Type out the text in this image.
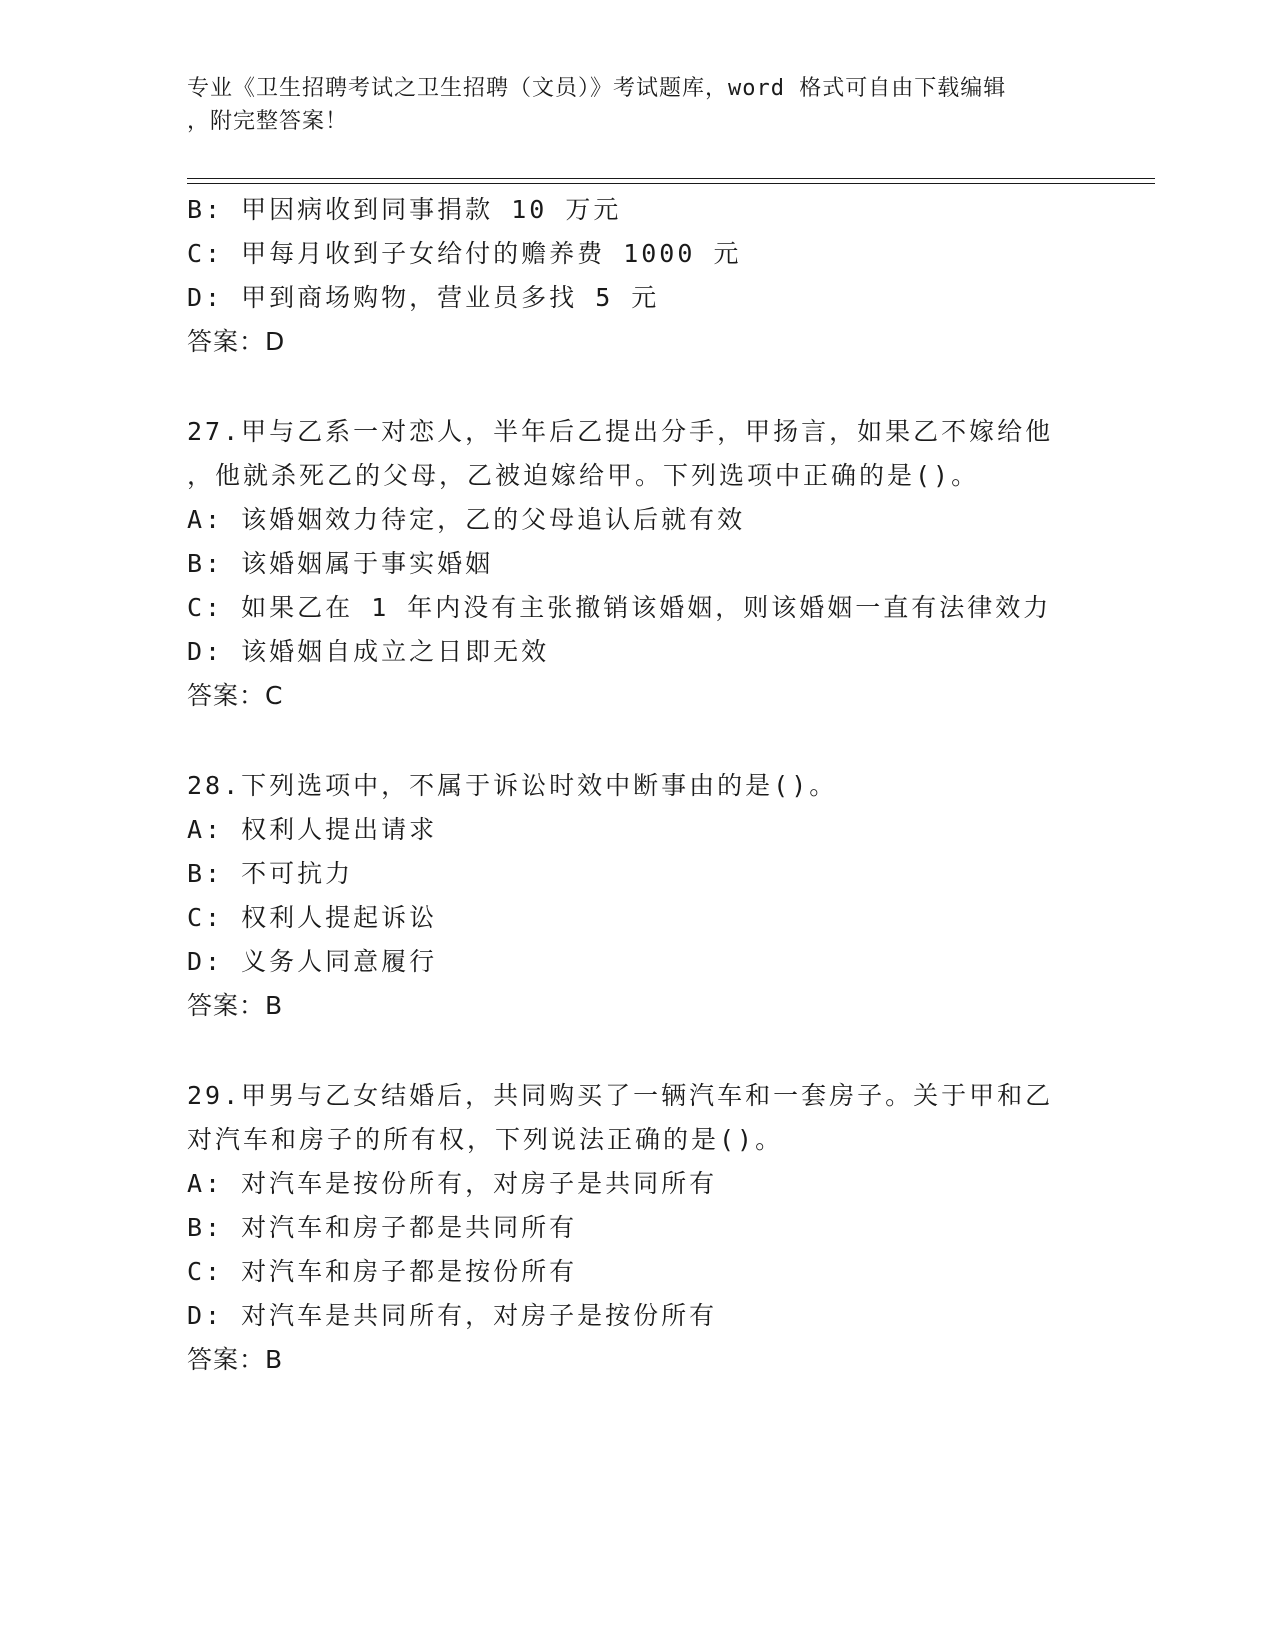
专业《卫生招聘考试之卫生招聘（文员）》考试题库，word 格式可自由下载编辑
，附完整答案！
B: 甲因病收到同事捐款 10 万元
C: 甲每月收到子女给付的赡养费 1000 元
D: 甲到商场购物，营业员多找 5 元
答案：D
27.甲与乙系一对恋人，半年后乙提出分手，甲扬言，如果乙不嫁给他
，他就杀死乙的父母，乙被迫嫁给甲。下列选项中正确的是()。
A: 该婚姻效力待定，乙的父母追认后就有效
B: 该婚姻属于事实婚姻
C: 如果乙在 1 年内没有主张撤销该婚姻，则该婚姻一直有法律效力
D: 该婚姻自成立之日即无效
答案：C
28.下列选项中，不属于诉讼时效中断事由的是()。
A: 权利人提出请求
B: 不可抗力
C: 权利人提起诉讼
D: 义务人同意履行
答案：B
29.甲男与乙女结婚后，共同购买了一辆汽车和一套房子。关于甲和乙
对汽车和房子的所有权，下列说法正确的是()。
A: 对汽车是按份所有，对房子是共同所有
B: 对汽车和房子都是共同所有
C: 对汽车和房子都是按份所有
D: 对汽车是共同所有，对房子是按份所有
答案：B
